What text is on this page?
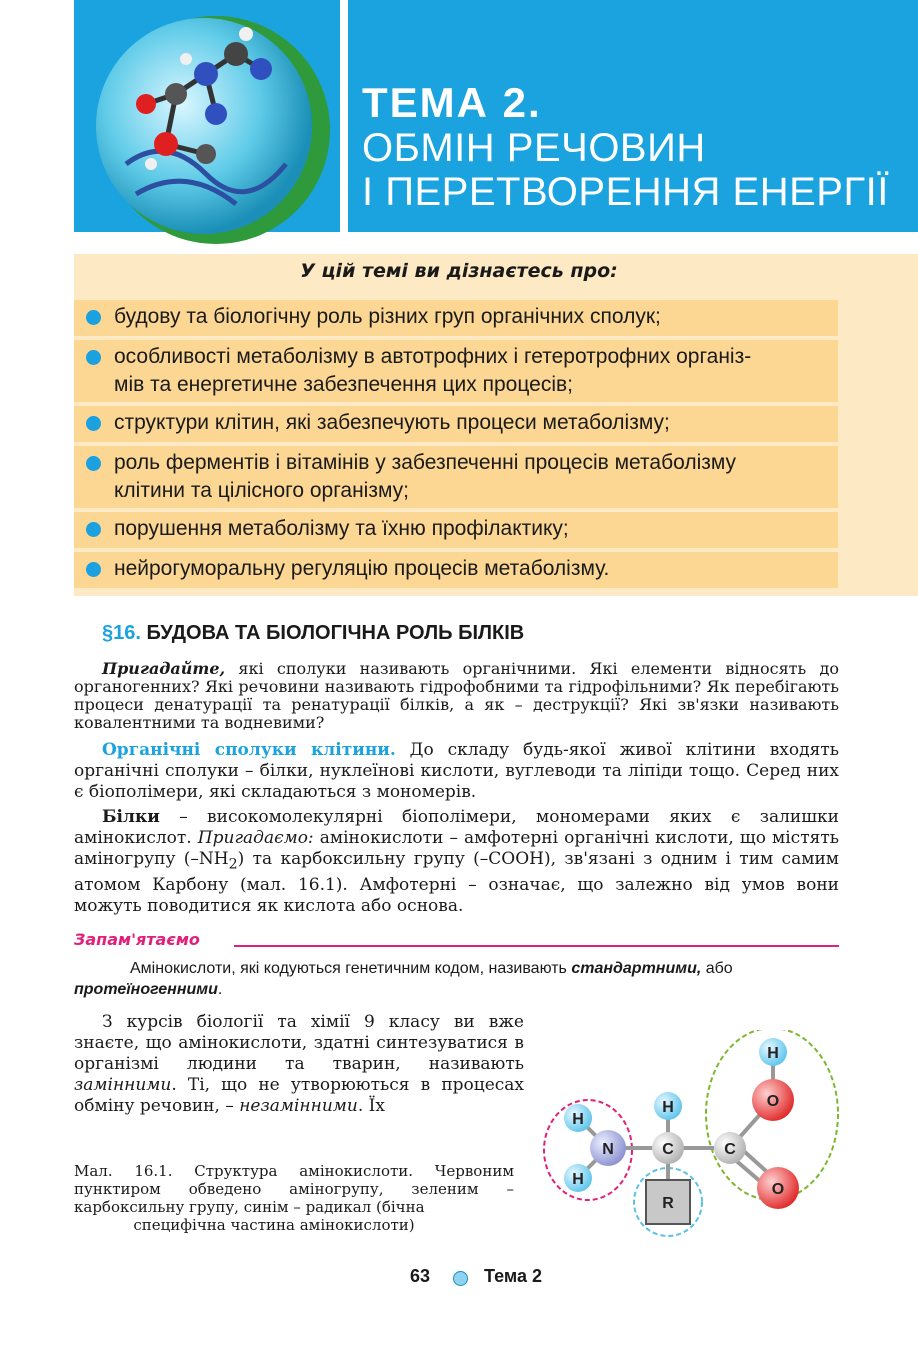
ТЕМА 2.
ОБМІН РЕЧОВИН
І ПЕРЕТВОРЕННЯ ЕНЕРГІЇ
У цій темі ви дізнаєтесь про:
будову та біологічну роль різних груп органічних сполук;
особливості метаболізму в автотрофних і гетеротрофних організ-
мів та енергетичне забезпечення цих процесів;
структури клітин, які забезпечують процеси метаболізму;
роль ферментів і вітамінів у забезпеченні процесів метаболізму
клітини та цілісного організму;
порушення метаболізму та їхню профілактику;
нейрогуморальну регуляцію процесів метаболізму.
§16. БУДОВА ТА БІОЛОГІЧНА РОЛЬ БІЛКІВ
Пригадайте, які сполуки називають органічними. Які елементи відносять до органогенних? Які речовини називають гідрофобними та гідрофільними? Як перебігають процеси денатурації та ренатурації білків, а як – деструкції? Які зв'язки називають ковалентними та водневими?
Органічні сполуки клітини. До складу будь-якої живої клітини входять органічні сполуки – білки, нуклеїнові кислоти, вуглеводи та ліпіди тощо. Серед них є біополімери, які складаються з мономерів.
Білки – високомолекулярні біополімери, мономерами яких є залишки амінокислот. Пригадаємо: амінокислоти – амфотерні органічні кислоти, що містять аміногрупу $(-NH_2)$ та карбоксильну групу (–COOH), зв'язані з одним і тим самим атомом Карбону (мал. 16.1). Амфотерні – означає, що залежно від умов вони можуть поводитися як кислота або основа.
Запам'ятаємо
Амінокислоти, які кодуються генетичним кодом, називають стандартними, або протеїногенними.
З курсів біології та хімії 9 класу ви вже знаєте, що амінокислоти, здатні синтезуватися в організмі людини та тварин, називають замінними. Ті, що не утворюються в процесах обміну речовин, – незамінними. Їх
Мал. 16.1. Структура амінокислоти. Червоним пунктиром обведено аміногрупу, зеленим – карбоксильну групу, синім – радикал (бічна
специфічна частина амінокислоти)
H
H
N
H
C
R
C
H
O
O
63	Тема 2
